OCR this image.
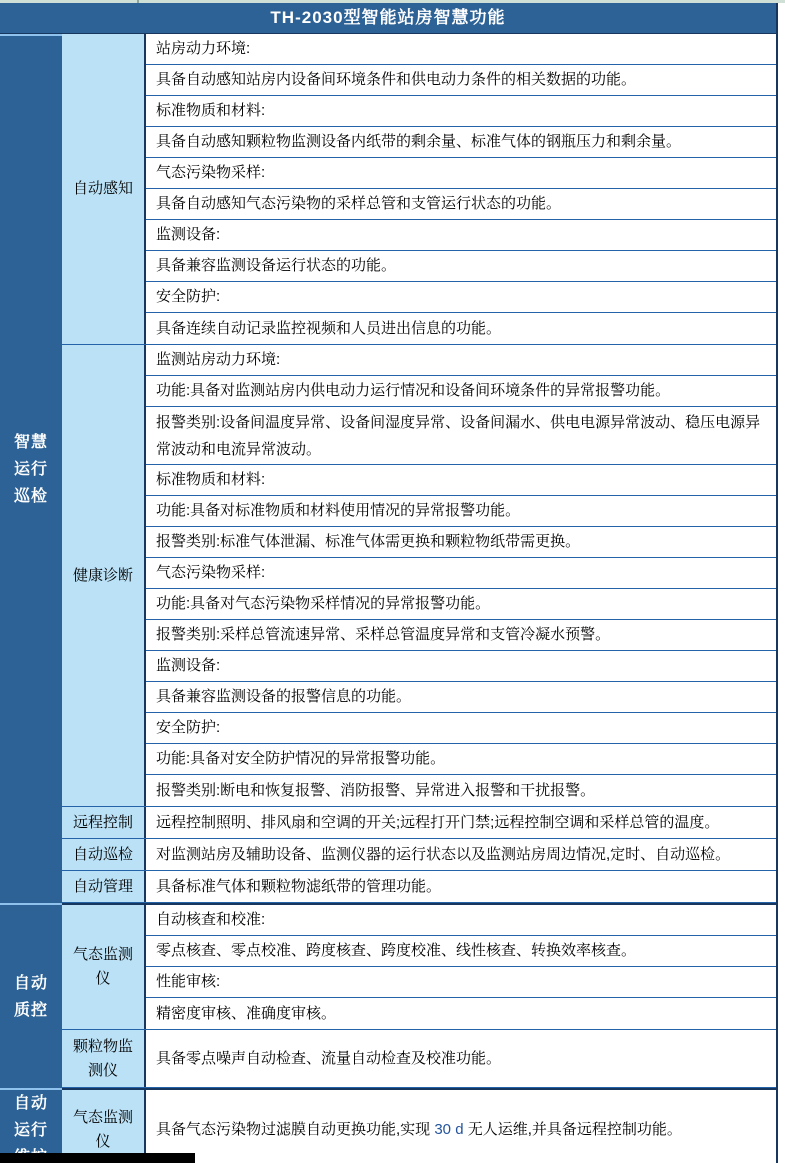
TH-2030型智能站房智慧功能
智慧
运行
巡检
自动感知
站房动力环境:
具备自动感知站房内设备间环境条件和供电动力条件的相关数据的功能。
标准物质和材料:
具备自动感知颗粒物监测设备内纸带的剩余量、标准气体的钢瓶压力和剩余量。
气态污染物采样:
具备自动感知气态污染物的采样总管和支管运行状态的功能。
监测设备:
具备兼容监测设备运行状态的功能。
安全防护:
具备连续自动记录监控视频和人员进出信息的功能。
健康诊断
监测站房动力环境:
功能:具备对监测站房内供电动力运行情况和设备间环境条件的异常报警功能。
报警类别:设备间温度异常、设备间湿度异常、设备间漏水、供电电源异常波动、稳压电源异常波动和电流异常波动。
标准物质和材料:
功能:具备对标准物质和材料使用情况的异常报警功能。
报警类别:标准气体泄漏、标准气体需更换和颗粒物纸带需更换。
气态污染物采样:
功能:具备对气态污染物采样情况的异常报警功能。
报警类别:采样总管流速异常、采样总管温度异常和支管冷凝水预警。
监测设备:
具备兼容监测设备的报警信息的功能。
安全防护:
功能:具备对安全防护情况的异常报警功能。
报警类别:断电和恢复报警、消防报警、异常进入报警和干扰报警。
远程控制 远程控制照明、排风扇和空调的开关;远程打开门禁;远程控制空调和采样总管的温度。
自动巡检 对监测站房及辅助设备、监测仪器的运行状态以及监测站房周边情况,定时、自动巡检。
自动管理 具备标准气体和颗粒物滤纸带的管理功能。
自动
质控
气态监测仪
自动核查和校准:
零点核查、零点校准、跨度核查、跨度校准、线性核查、转换效率核查。
性能审核:
精密度审核、准确度审核。
颗粒物监测仪
具备零点噪声自动检查、流量自动检查及校准功能。
自动
运行
气态监测仪
具备气态污染物过滤膜自动更换功能,实现 30 d 无人运维,并具备远程控制功能。
